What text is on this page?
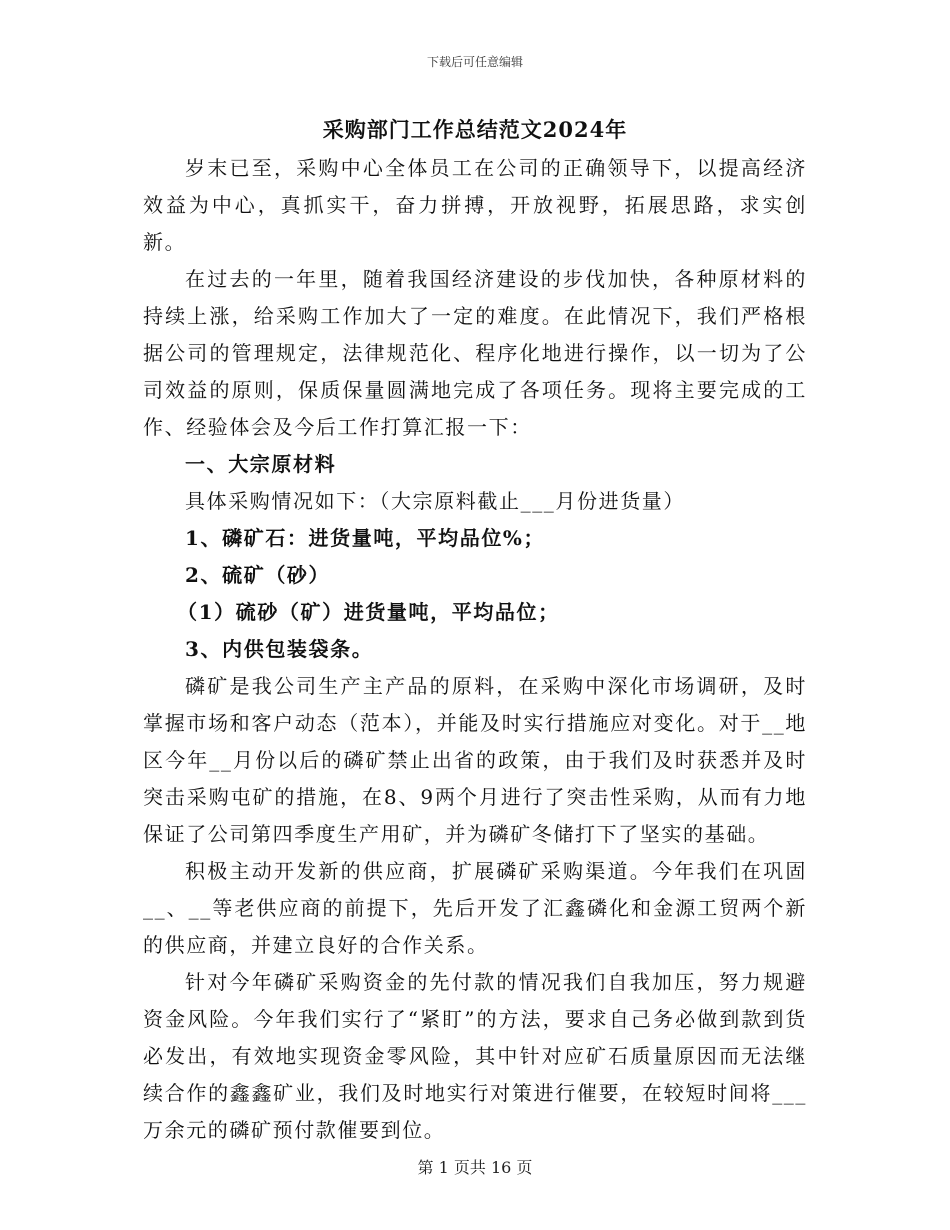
下载后可任意编辑
采购部门工作总结范文2024年

岁末已至，采购中心全体员工在公司的正确领导下，以提高经济效益为中心，真抓实干，奋力拼搏，开放视野，拓展思路，求实创新。

在过去的一年里，随着我国经济建设的步伐加快，各种原材料的持续上涨，给采购工作加大了一定的难度。在此情况下，我们严格根据公司的管理规定，法律规范化、程序化地进行操作，以一切为了公司效益的原则，保质保量圆满地完成了各项任务。现将主要完成的工作、经验体会及今后工作打算汇报一下：

一、大宗原材料

具体采购情况如下：（大宗原料截止___月份进货量）

1、磷矿石：进货量吨，平均品位%；

2、硫矿（砂）

（1）硫砂（矿）进货量吨，平均品位；

3、内供包装袋条。

磷矿是我公司生产主产品的原料，在采购中深化市场调研，及时掌握市场和客户动态（范本），并能及时实行措施应对变化。对于__地区今年__月份以后的磷矿禁止出省的政策，由于我们及时获悉并及时突击采购屯矿的措施，在8、9两个月进行了突击性采购，从而有力地保证了公司第四季度生产用矿，并为磷矿冬储打下了坚实的基础。

积极主动开发新的供应商，扩展磷矿采购渠道。今年我们在巩固__、__等老供应商的前提下，先后开发了汇鑫磷化和金源工贸两个新的供应商，并建立良好的合作关系。

针对今年磷矿采购资金的先付款的情况我们自我加压，努力规避资金风险。今年我们实行了“紧盯”的方法，要求自己务必做到款到货必发出，有效地实现资金零风险，其中针对应矿石质量原因而无法继续合作的鑫鑫矿业，我们及时地实行对策进行催要，在较短时间将___万余元的磷矿预付款催要到位。

第 1 页共 16 页
